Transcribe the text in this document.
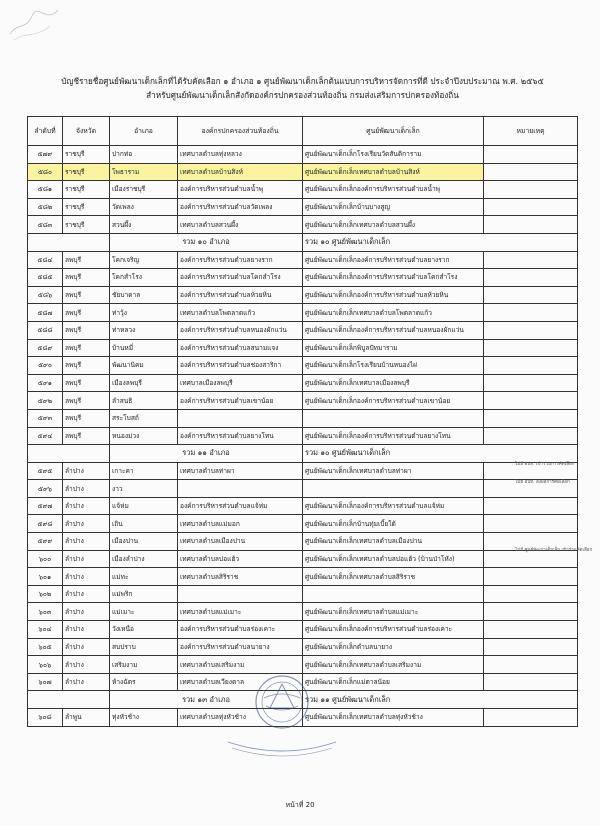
บัญชีรายชื่อศูนย์พัฒนาเด็กเล็กที่ได้รับคัดเลือก ๑ อำเภอ ๑ ศูนย์พัฒนาเด็กเล็กต้นแบบการบริหารจัดการที่ดี ประจำปีงบประมาณ พ.ศ. ๒๕๖๕
สำหรับศูนย์พัฒนาเด็กเล็กสังกัดองค์กรปกครองส่วนท้องถิ่น กรมส่งเสริมการปกครองท้องถิ่น
ลำดับที่	จังหวัด	อำเภอ	องค์กรปกครองส่วนท้องถิ่น	ศูนย์พัฒนาเด็กเล็ก	หมายเหตุ
๕๗๙	ราชบุรี	ปากท่อ	เทศบาลตำบลทุ่งหลวง	ศูนย์พัฒนาเด็กเล็กโรงเรียนวัดสันติการาม	
๕๘๐	ราชบุรี	โพธาราม	เทศบาลตำบลบ้านสิงห์	ศูนย์พัฒนาเด็กเล็กเทศบาลตำบลบ้านสิงห์	
๕๘๑	ราชบุรี	เมืองราชบุรี	องค์การบริหารส่วนตำบลน้ำพุ	ศูนย์พัฒนาเด็กเล็กองค์การบริหารส่วนตำบลน้ำพุ	
๕๘๒	ราชบุรี	วัดเพลง	องค์การบริหารส่วนตำบลวัดเพลง	ศูนย์พัฒนาเด็กเล็กบ้านบางสูญ	
๕๘๓	ราชบุรี	สวนผึ้ง	เทศบาลตำบลสวนผึ้ง	ศูนย์พัฒนาเด็กเล็กเทศบาลตำบลสวนผึ้ง	
		รวม ๑๐ อำเภอ		รวม ๑๐ ศูนย์พัฒนาเด็กเล็ก	
๕๘๔	ลพบุรี	โคกเจริญ	องค์การบริหารส่วนตำบลยางราก	ศูนย์พัฒนาเด็กเล็กองค์การบริหารส่วนตำบลยางราก	
๕๘๕	ลพบุรี	โคกสำโรง	องค์การบริหารส่วนตำบลโคกสำโรง	ศูนย์พัฒนาเด็กเล็กองค์การบริหารส่วนตำบลโคกสำโรง	
๕๘๖	ลพบุรี	ชัยบาดาล	องค์การบริหารส่วนตำบลห้วยหิน	ศูนย์พัฒนาเด็กเล็กองค์การบริหารส่วนตำบลห้วยหิน	
๕๘๗	ลพบุรี	ท่าวุ้ง	เทศบาลตำบลโพตลาดแก้ว	ศูนย์พัฒนาเด็กเล็กเทศบาลตำบลโพตลาดแก้ว	
๕๘๘	ลพบุรี	ท่าหลวง	องค์การบริหารส่วนตำบลหนองผักแว่น	ศูนย์พัฒนาเด็กเล็กองค์การบริหารส่วนตำบลหนองผักแว่น	
๕๘๙	ลพบุรี	บ้านหมี่	องค์การบริหารส่วนตำบลสนามแจง	ศูนย์พัฒนาเด็กเล็กพิบูลปัทมาราม	
๕๙๐	ลพบุรี	พัฒนานิคม	องค์การบริหารส่วนตำบลช่องสาริกา	ศูนย์พัฒนาเด็กเล็กโรงเรียนบ้านหนองไผ่	
๕๙๑	ลพบุรี	เมืองลพบุรี	เทศบาลเมืองลพบุรี	ศูนย์พัฒนาเด็กเล็กเทศบาลเมืองลพบุรี	
๕๙๒	ลพบุรี	ลำสนธิ	องค์การบริหารส่วนตำบลเขาน้อย	ศูนย์พัฒนาเด็กเล็กองค์การบริหารส่วนตำบลเขาน้อย	
๕๙๓	ลพบุรี	สระโบสถ์			
๕๙๔	ลพบุรี	หนองม่วง	องค์การบริหารส่วนตำบลยางโทน	ศูนย์พัฒนาเด็กเล็กองค์การบริหารส่วนตำบลยางโทน	
		รวม ๑๑ อำเภอ		รวม ๑๐ ศูนย์พัฒนาเด็กเล็ก	
๕๙๕	ลำปาง	เกาะคา	เทศบาลตำบลท่าผา	ศูนย์พัฒนาเด็กเล็กเทศบาลตำบลท่าผา	
๕๙๖	ลำปาง	งาว			
๕๙๗	ลำปาง	แจ้ห่ม	องค์การบริหารส่วนตำบลแจ้ห่ม	ศูนย์พัฒนาเด็กเล็กองค์การบริหารส่วนตำบลแจ้ห่ม	
๕๙๘	ลำปาง	เถิน	เทศบาลตำบลแม่มอก	ศูนย์พัฒนาเด็กเล็กบ้านทุ่มเบี้ยใต้	
๕๙๙	ลำปาง	เมืองปาน	เทศบาลตำบลเมืองปาน	ศูนย์พัฒนาเด็กเล็กเทศบาลตำบลเมืองปาน	
๖๐๐	ลำปาง	เมืองลำปาง	เทศบาลตำบลบ่อแฮ้ว	ศูนย์พัฒนาเด็กเล็กเทศบาลตำบลบ่อแฮ้ว (บ้านป่าโหัง)	
๖๐๑	ลำปาง	แม่ทะ	เทศบาลตำบลสิริราช	ศูนย์พัฒนาเด็กเล็กเทศบาลตำบลสิริราช	
๖๐๒	ลำปาง	แม่พริก			
๖๐๓	ลำปาง	แม่เมาะ	เทศบาลตำบลแม่เมาะ	ศูนย์พัฒนาเด็กเล็กเทศบาลตำบลแม่เมาะ	
๖๐๔	ลำปาง	วังเหนือ	องค์การบริหารส่วนตำบลร่องเคาะ	ศูนย์พัฒนาเด็กเล็กองค์การบริหารส่วนตำบลร่องเคาะ	
๖๐๕	ลำปาง	สบปราบ	องค์การบริหารส่วนตำบลนายาง	ศูนย์พัฒนาเด็กเล็กตำบลนายาง	
๖๐๖	ลำปาง	เสริมงาม	เทศบาลตำบลเสริมงาม	ศูนย์พัฒนาเด็กเล็กเทศบาลตำบลเสริมงาม	
๖๐๗	ลำปาง	ห้างฉัตร	เทศบาลตำบลเวียงตาล	ศูนย์พัฒนาเด็กเล็กแม่ตาลน้อย	
		รวม ๑๓ อำเภอ		รวม ๑๑ ศูนย์พัฒนาเด็กเล็ก	
๖๐๘	ลำพูน	ทุ่งหัวช้าง	เทศบาลตำบลทุ่งหัวช้าง	ศูนย์พัฒนาเด็กเล็กเทศบาลตำบลทุ่งหัวช้าง	
ไม่มี อปท. เข้าร่วมการคัดเลือก
ไม่มี อปท. ส่งผลการคัดเลือก
ไม่มี ศูนย์พัฒนาเด็กเล็ก เข้าร่วมคัดเลือก
หน้าที่ 20
